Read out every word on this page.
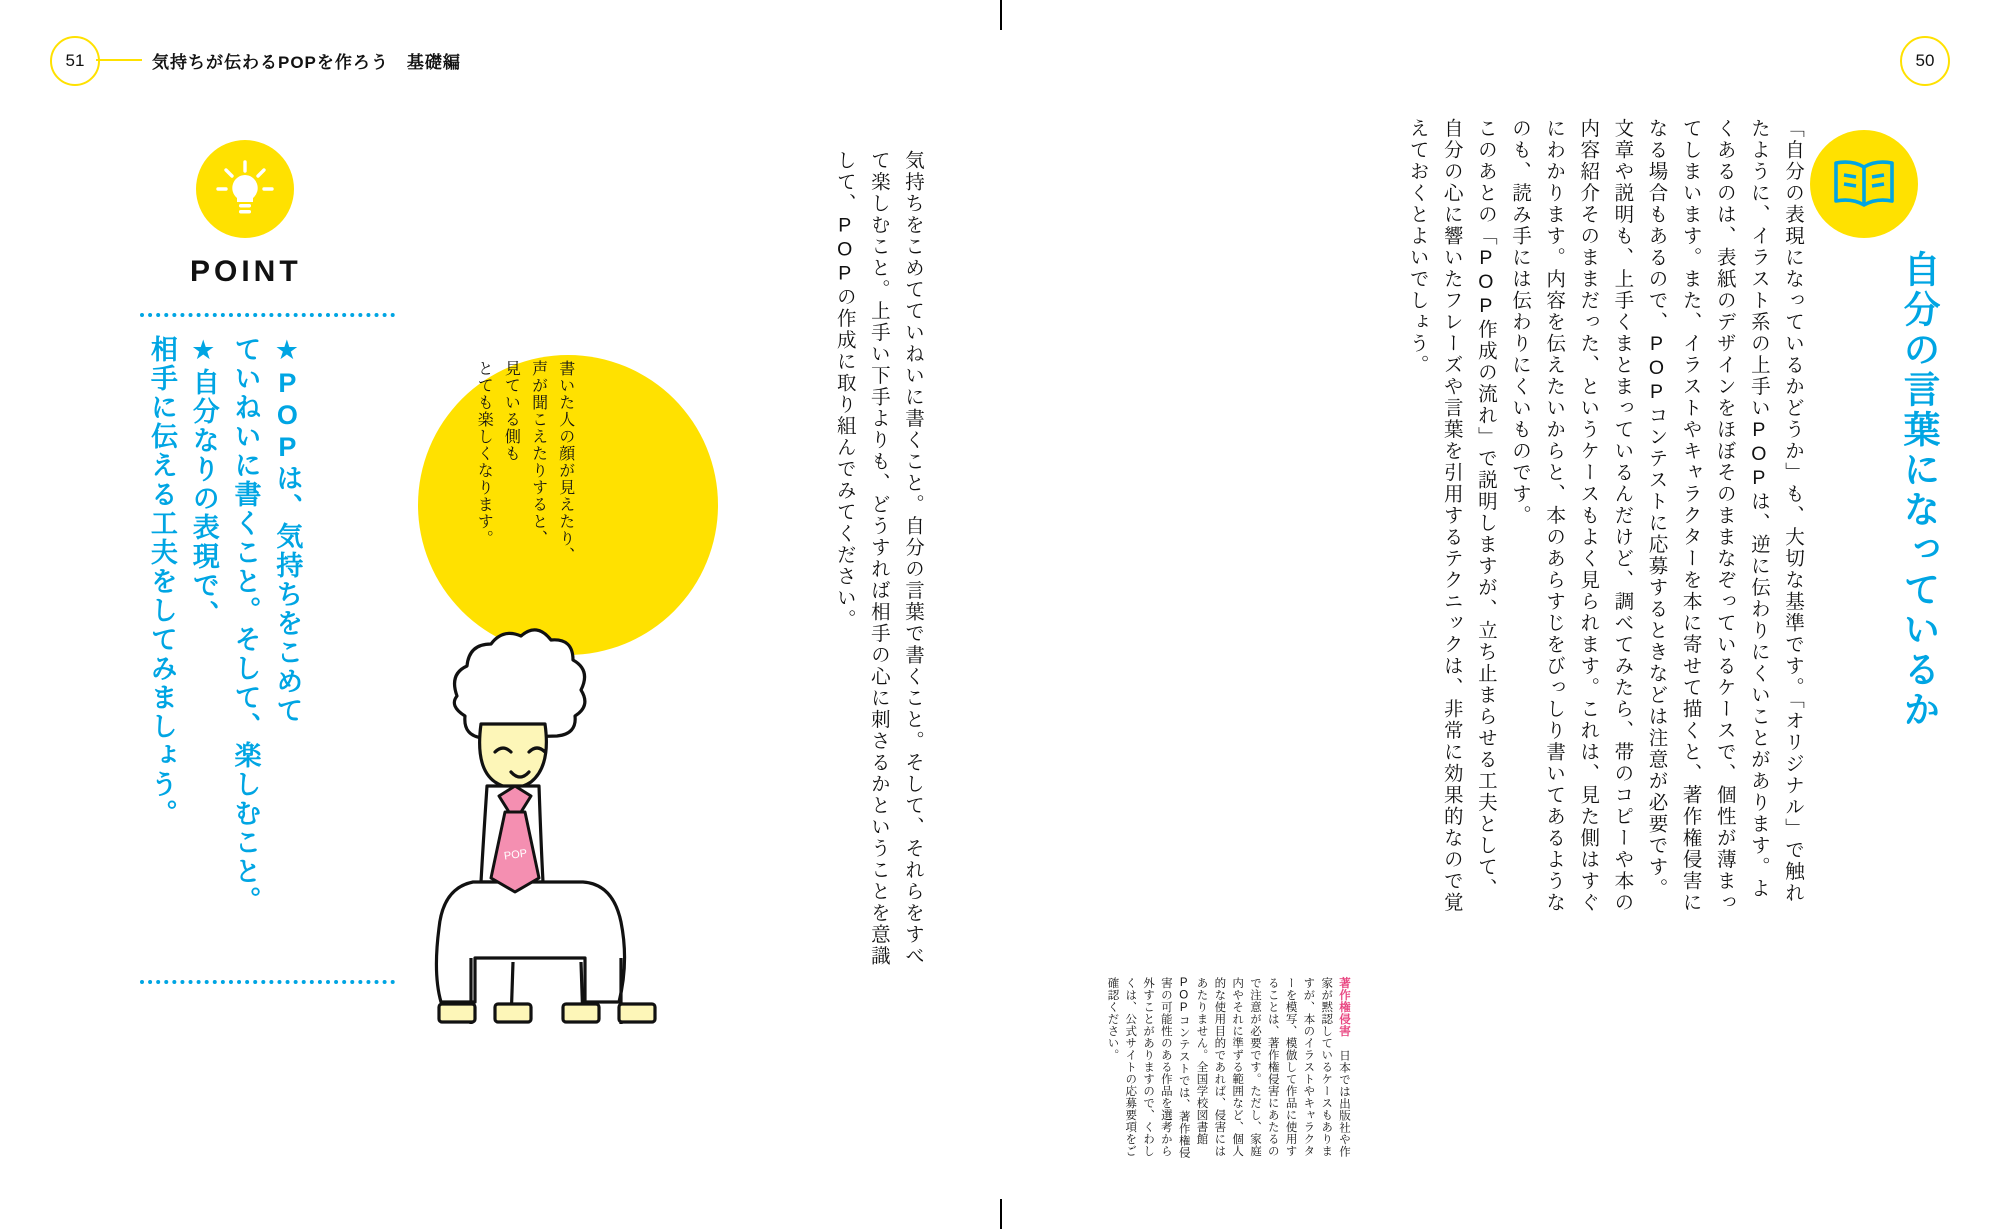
51	気持ちが伝わるPOPを作ろう　基礎編
POINT
★POPは、気持ちをこめて
ていねいに書くこと。そして、楽しむこと。
★自分なりの表現で、
相手に伝える工夫をしてみましょう。	書いた人の顔が見えたり、
声が聞こえたりすると、
見ている側も
とても楽しくなります。
POP	気持ちをこめてていねいに書くこと。自分の言葉で書くこと。そして、それらをすべて楽しむこと。上手い下手よりも、どうすれば相手の心に刺さるかということを意識して、POPの作成に取り組んでみてください。
50
自分の言葉になっているか
「自分の表現になっているかどうか」も、大切な基準です。「オリジナル」で触れたように、イラスト系の上手いPOPは、逆に伝わりにくいことがあります。よくあるのは、表紙のデザインをほぼそのままなぞっているケースで、個性が薄まってしまいます。また、イラストやキャラクターを本に寄せて描くと、著作権侵害になる場合もあるので、POPコンテストに応募するときなどは注意が必要です。
文章や説明も、上手くまとまっているんだけど、調べてみたら、帯のコピーや本の内容紹介そのままだった、というケースもよく見られます。これは、見た側はすぐにわかります。内容を伝えたいからと、本のあらすじをびっしり書いてあるようなのも、読み手には伝わりにくいものです。
このあとの「POP作成の流れ」で説明しますが、立ち止まらせる工夫として、自分の心に響いたフレーズや言葉を引用するテクニックは、非常に効果的なので覚えておくとよいでしょう。
著作権侵害 日本では出版社や作家が黙認しているケースもありますが、本のイラストやキャラクターを模写、模倣して作品に使用することは、著作権侵害にあたるので注意が必要です。ただし、家庭内やそれに準ずる範囲など、個人的な使用目的であれば、侵害にはあたりません。全国学校図書館POPコンテストでは、著作権侵害の可能性のある作品を選考から外すことがありますので、くわしくは、公式サイトの応募要項をご確認ください。
